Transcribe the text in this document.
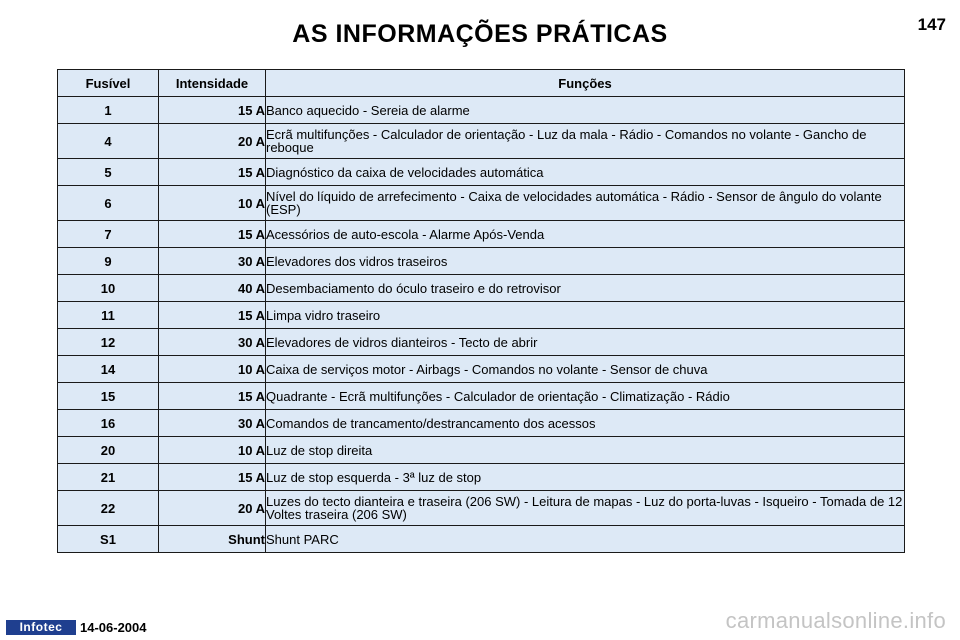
AS INFORMAÇÕES PRÁTICAS	147
Fusível	Intensidade	Funções
1	15 A	Banco aquecido - Sereia de alarme
4	20 A	Ecrã multifunções - Calculador de orientação - Luz da mala - Rádio - Comandos no volante - Gancho de reboque
5	15 A	Diagnóstico da caixa de velocidades automática
6	10 A	Nível do líquido de arrefecimento - Caixa de velocidades automática - Rádio - Sensor de ângulo do volante (ESP)
7	15 A	Acessórios de auto-escola - Alarme Após-Venda
9	30 A	Elevadores dos vidros traseiros
10	40 A	Desembaciamento do óculo traseiro e do retrovisor
11	15 A	Limpa vidro traseiro
12	30 A	Elevadores de vidros dianteiros - Tecto de abrir
14	10 A	Caixa de serviços motor - Airbags - Comandos no volante - Sensor de chuva
15	15 A	Quadrante - Ecrã multifunções - Calculador de orientação - Climatização - Rádio
16	30 A	Comandos de trancamento/destrancamento dos acessos
20	10 A	Luz de stop direita
21	15 A	Luz de stop esquerda - 3ª luz de stop
22	20 A	Luzes do tecto dianteira e traseira (206 SW) - Leitura de mapas - Luz do porta-luvas - Isqueiro - Tomada de 12 Voltes traseira (206 SW)
S1	Shunt	Shunt PARC
Infotec	14-06-2004	carmanualsonline.info
